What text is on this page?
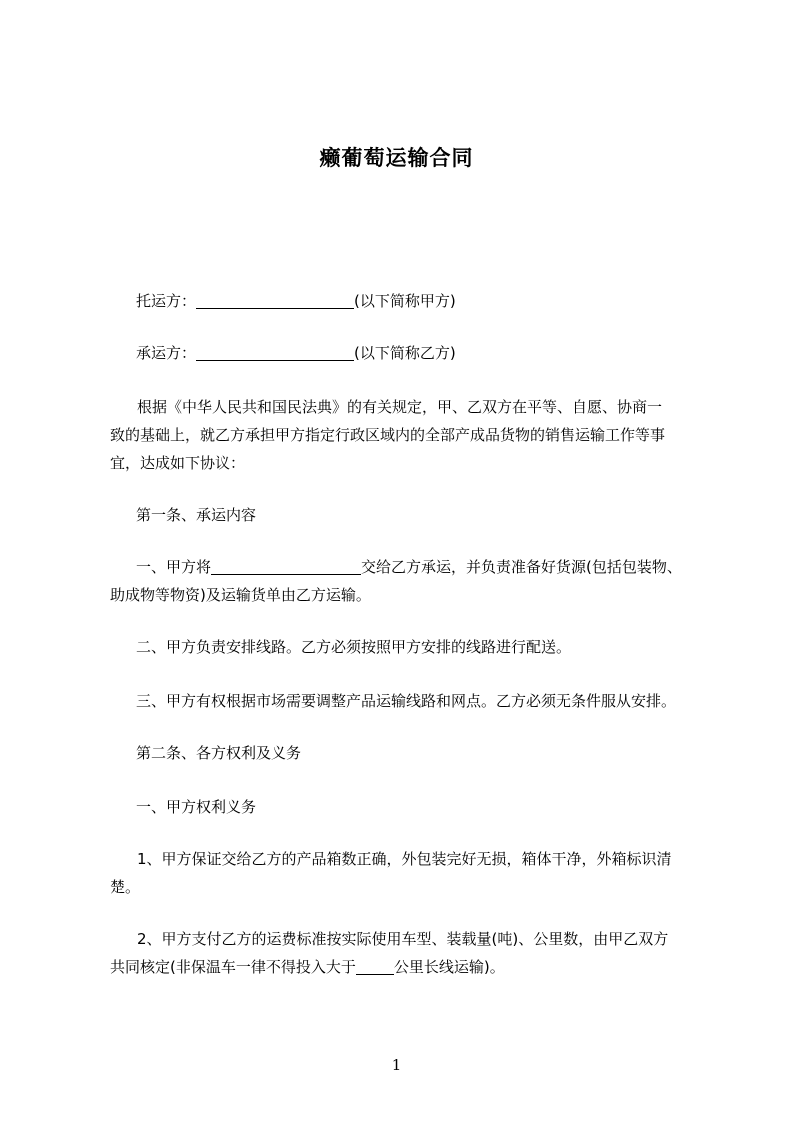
癞葡萄运输合同
托运方：	(以下简称甲方)
承运方：	(以下简称乙方)
根据《中华人民共和国民法典》的有关规定，甲、乙双方在平等、自愿、协商一
致的基础上，就乙方承担甲方指定行政区域内的全部产成品货物的销售运输工作等事
宜，达成如下协议：
第一条、承运内容
一、甲方将	交给乙方承运，并负责准备好货源(包括包装物、
助成物等物资)及运输货单由乙方运输。
二、甲方负责安排线路。乙方必须按照甲方安排的线路进行配送。
三、甲方有权根据市场需要调整产品运输线路和网点。乙方必须无条件服从安排。
第二条、各方权利及义务
一、甲方权利义务
1、甲方保证交给乙方的产品箱数正确，外包装完好无损，箱体干净，外箱标识清
楚。
2、甲方支付乙方的运费标准按实际使用车型、装载量(吨)、公里数，由甲乙双方
共同核定(非保温车一律不得投入大于	公里长线运输)。
1
